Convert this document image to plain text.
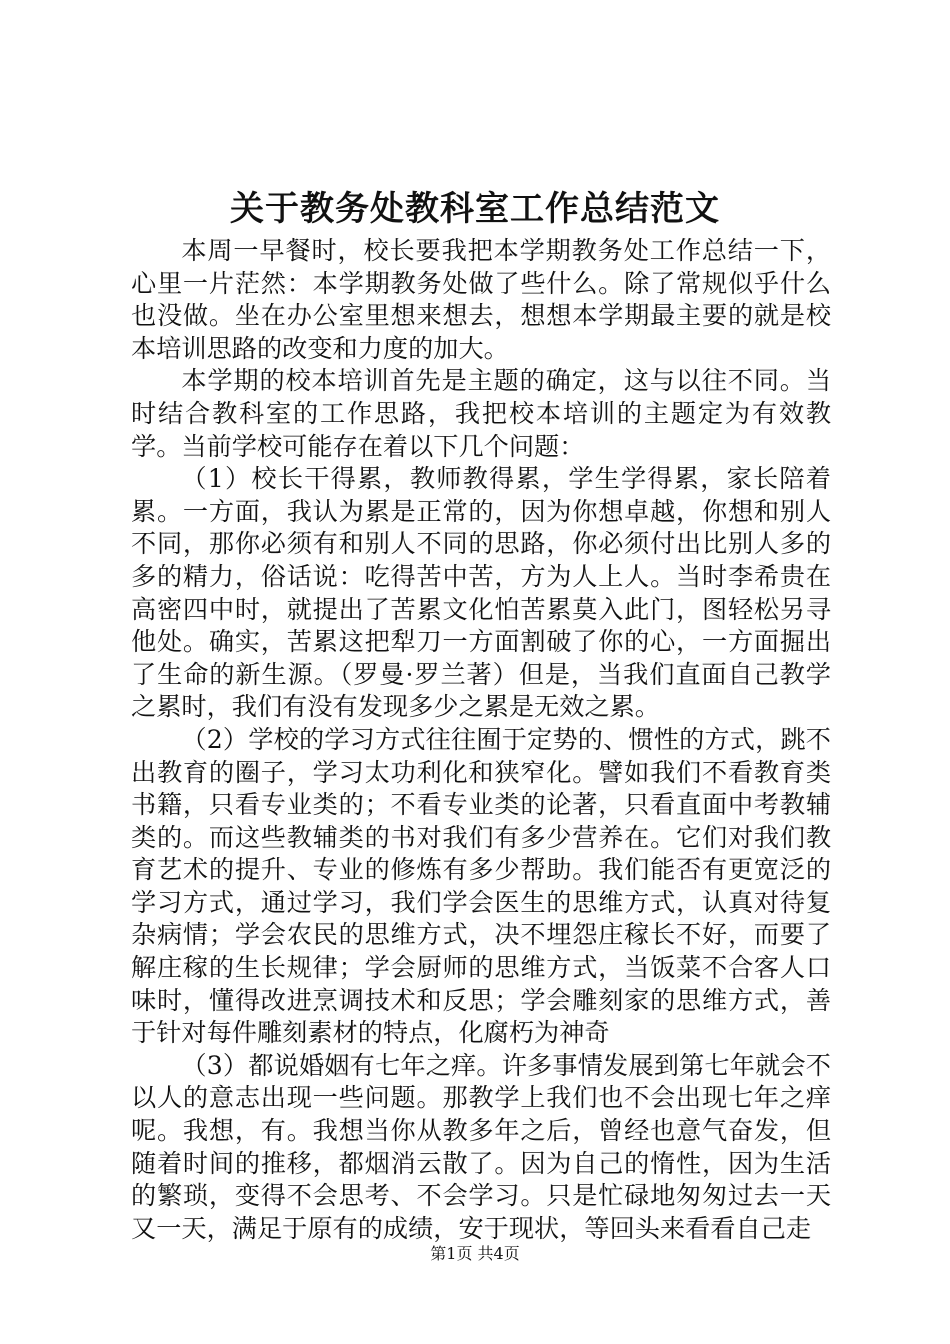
关于教务处教科室工作总结范文

本周一早餐时，校长要我把本学期教务处工作总结一下，心里一片茫然：本学期教务处做了些什么。除了常规似乎什么也没做。坐在办公室里想来想去，想想本学期最主要的就是校本培训思路的改变和力度的加大。

本学期的校本培训首先是主题的确定，这与以往不同。当时结合教科室的工作思路，我把校本培训的主题定为有效教学。当前学校可能存在着以下几个问题：

（1）校长干得累，教师教得累，学生学得累，家长陪着累。一方面，我认为累是正常的，因为你想卓越，你想和别人不同，那你必须有和别人不同的思路，你必须付出比别人多的多的精力，俗话说：吃得苦中苦，方为人上人。当时李希贵在高密四中时，就提出了苦累文化怕苦累莫入此门，图轻松另寻他处。确实，苦累这把犁刀一方面割破了你的心，一方面掘出了生命的新生源。（罗曼·罗兰著）但是，当我们直面自己教学之累时，我们有没有发现多少之累是无效之累。

（2）学校的学习方式往往囿于定势的、惯性的方式，跳不出教育的圈子，学习太功利化和狭窄化。譬如我们不看教育类书籍，只看专业类的；不看专业类的论著，只看直面中考教辅类的。而这些教辅类的书对我们有多少营养在。它们对我们教育艺术的提升、专业的修炼有多少帮助。我们能否有更宽泛的学习方式，通过学习，我们学会医生的思维方式，认真对待复杂病情；学会农民的思维方式，决不埋怨庄稼长不好，而要了解庄稼的生长规律；学会厨师的思维方式，当饭菜不合客人口味时，懂得改进烹调技术和反思；学会雕刻家的思维方式，善于针对每件雕刻素材的特点，化腐朽为神奇

（3）都说婚姻有七年之痒。许多事情发展到第七年就会不以人的意志出现一些问题。那教学上我们也不会出现七年之痒呢。我想，有。我想当你从教多年之后，曾经也意气奋发，但随着时间的推移，都烟消云散了。因为自己的惰性，因为生活的繁琐，变得不会思考、不会学习。只是忙碌地匆匆过去一天又一天，满足于原有的成绩，安于现状，等回头来看看自己走

第1页 共4页
